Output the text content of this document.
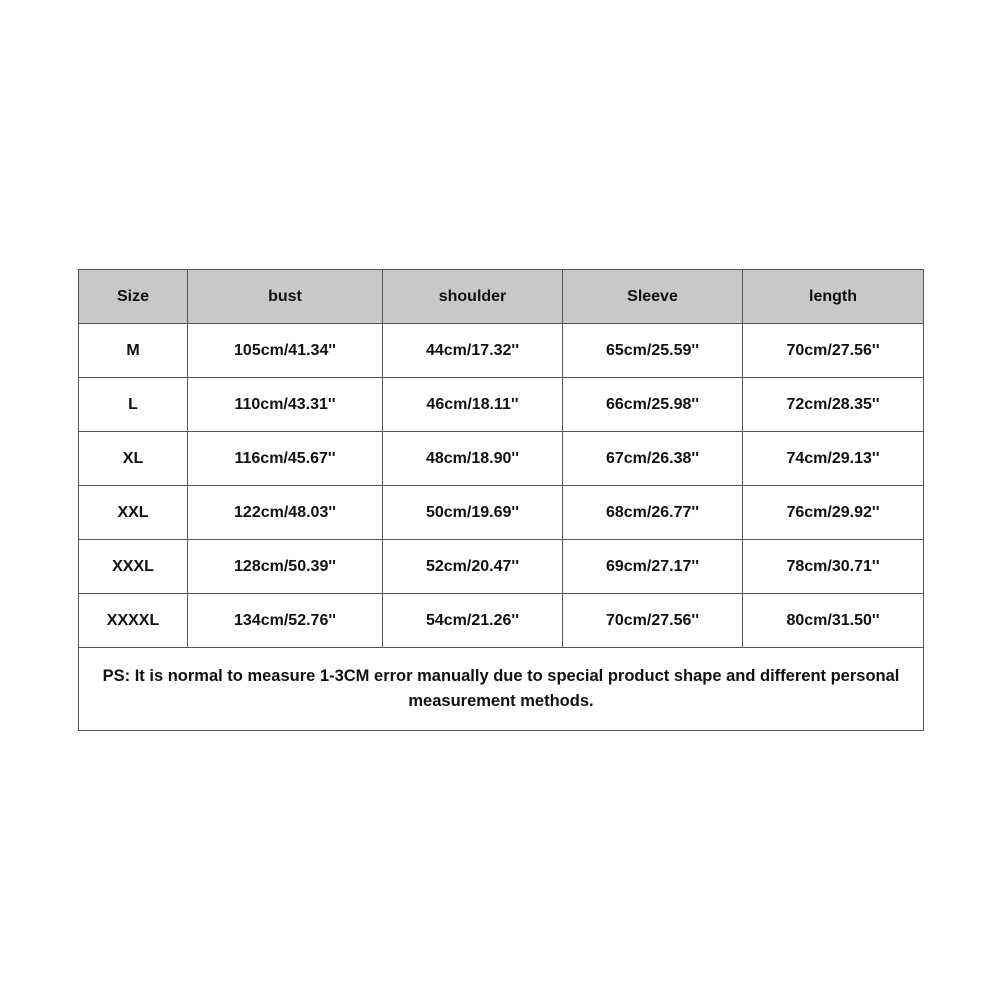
Size	bust	shoulder	Sleeve	length
M	105cm/41.34''	44cm/17.32''	65cm/25.59''	70cm/27.56''
L	110cm/43.31''	46cm/18.11''	66cm/25.98''	72cm/28.35''
XL	116cm/45.67''	48cm/18.90''	67cm/26.38''	74cm/29.13''
XXL	122cm/48.03''	50cm/19.69''	68cm/26.77''	76cm/29.92''
XXXL	128cm/50.39''	52cm/20.47''	69cm/27.17''	78cm/30.71''
XXXXL	134cm/52.76''	54cm/21.26''	70cm/27.56''	80cm/31.50''
PS: It is normal to measure 1-3CM error manually due to special product shape and different personal measurement methods.				
